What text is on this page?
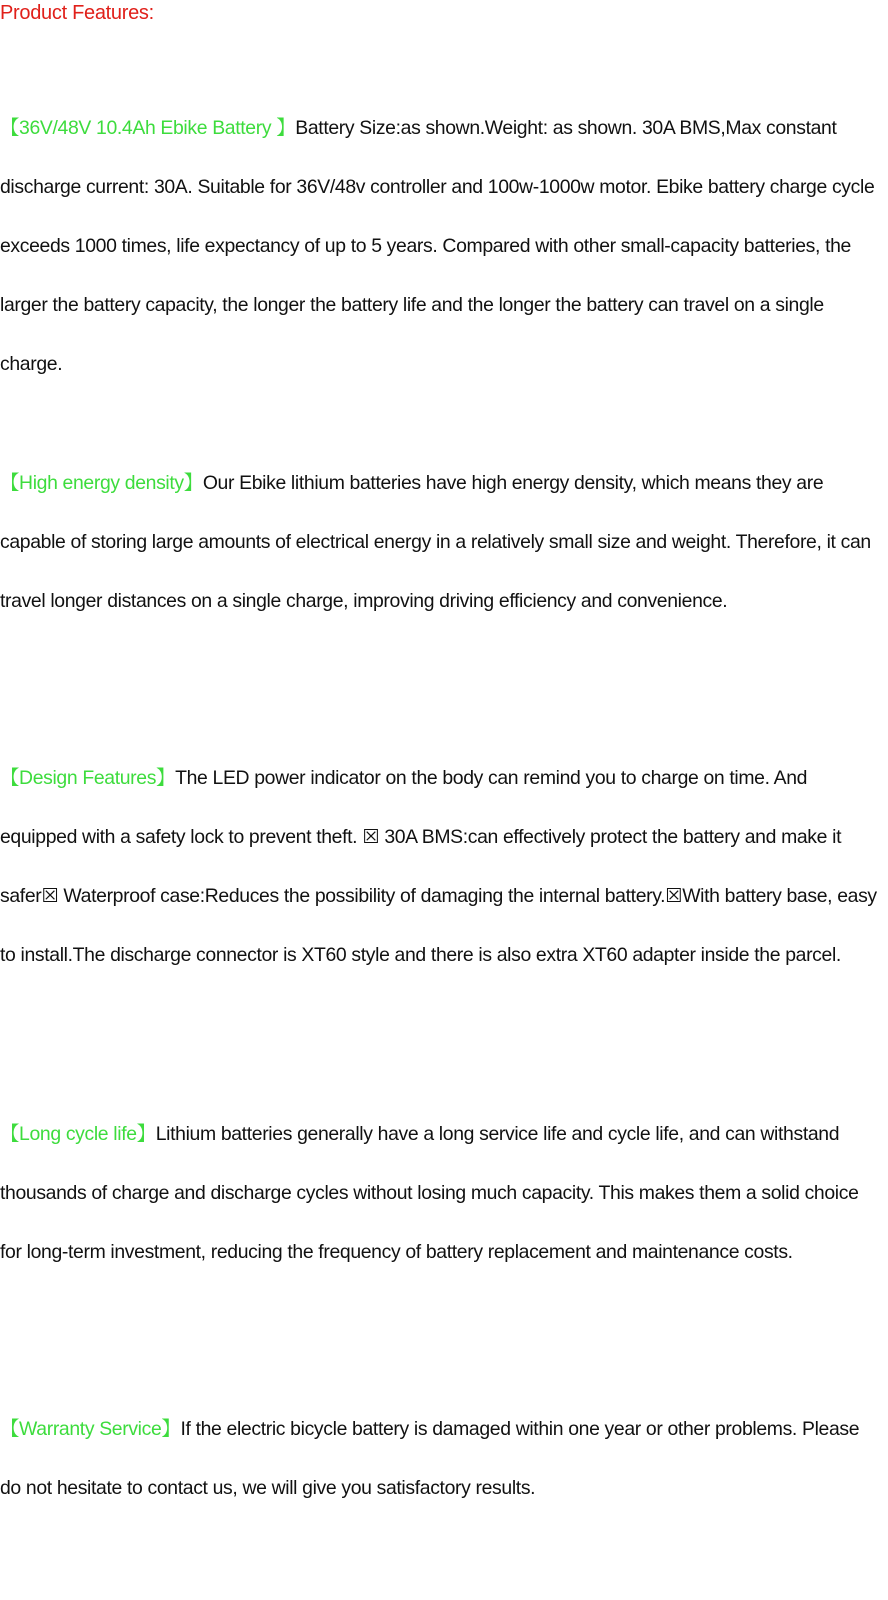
Product Features:

【36V/48V 10.4Ah Ebike Battery 】Battery Size:as shown.Weight: as shown. 30A BMS,Max constant discharge current: 30A. Suitable for 36V/48v controller and 100w-1000w motor. Ebike battery charge cycle exceeds 1000 times, life expectancy of up to 5 years. Compared with other small-capacity batteries, the larger the battery capacity, the longer the battery life and the longer the battery can travel on a single charge.

【High energy density】Our Ebike lithium batteries have high energy density, which means they are capable of storing large amounts of electrical energy in a relatively small size and weight. Therefore, it can travel longer distances on a single charge, improving driving efficiency and convenience.

【Design Features】The LED power indicator on the body can remind you to charge on time. And equipped with a safety lock to prevent theft. ☒ 30A BMS:can effectively protect the battery and make it safer☒ Waterproof case:Reduces the possibility of damaging the internal battery.☒With battery base, easy to install.The discharge connector is XT60 style and there is also extra XT60 adapter inside the parcel.

【Long cycle life】Lithium batteries generally have a long service life and cycle life, and can withstand thousands of charge and discharge cycles without losing much capacity. This makes them a solid choice for long-term investment, reducing the frequency of battery replacement and maintenance costs.

【Warranty Service】If the electric bicycle battery is damaged within one year or other problems. Please do not hesitate to contact us, we will give you satisfactory results.
